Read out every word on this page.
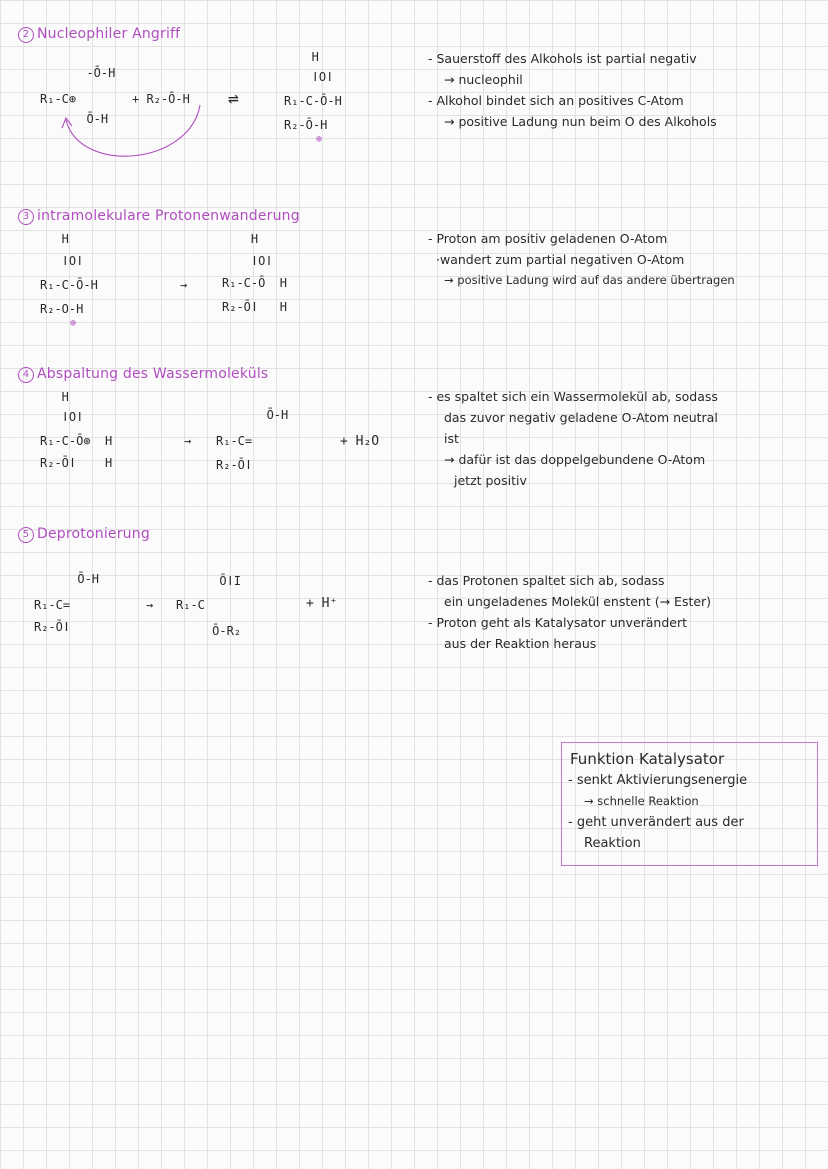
2 Nucleophiler Angriff
-Ō-H
R₁-C⊕
Ō-H
+ R₂-Ō-H ⇌
H
ǀOǀ
R₁-C-Ō-H
R₂-Ō-H
⊕
- Sauerstoff des Alkohols ist partial negativ
→ nucleophil
- Alkohol bindet sich an positives C-Atom
→ positive Ladung nun beim O des Alkohols
3 intramolekulare Protonenwanderung
H
ǀOǀ
R₁-C-Ō-H
R₂-O-H
⊕
→
H
ǀOǀ
R₁-C-Ō  H
R₂-Ōǀ   H
- Proton am positiv geladenen O-Atom
·wandert zum partial negativen O-Atom
→ positive Ladung wird auf das andere übertragen
4 Abspaltung des Wassermoleküls
H
ǀOǀ
R₁-C-Ō⊕  H
R₂-Ōǀ    H
→
Ō-H
R₁-C=
R₂-Ōǀ
+ H₂O
- es spaltet sich ein Wassermolekül ab, sodass
das zuvor negativ geladene O-Atom neutral
ist
→ dafür ist das doppelgebundene O-Atom
jetzt positiv
5 Deprotonierung
Ō-H
R₁-C=
R₂-Ōǀ
→
ŌǀI
R₁-C
Ō-R₂
+ H⁺
- das Protonen spaltet sich ab, sodass
ein ungeladenes Molekül enstent (→ Ester)
- Proton geht als Katalysator unverändert
aus der Reaktion heraus
Funktion Katalysator
- senkt Aktivierungsenergie
→ schnelle Reaktion
- geht unverändert aus der
Reaktion
